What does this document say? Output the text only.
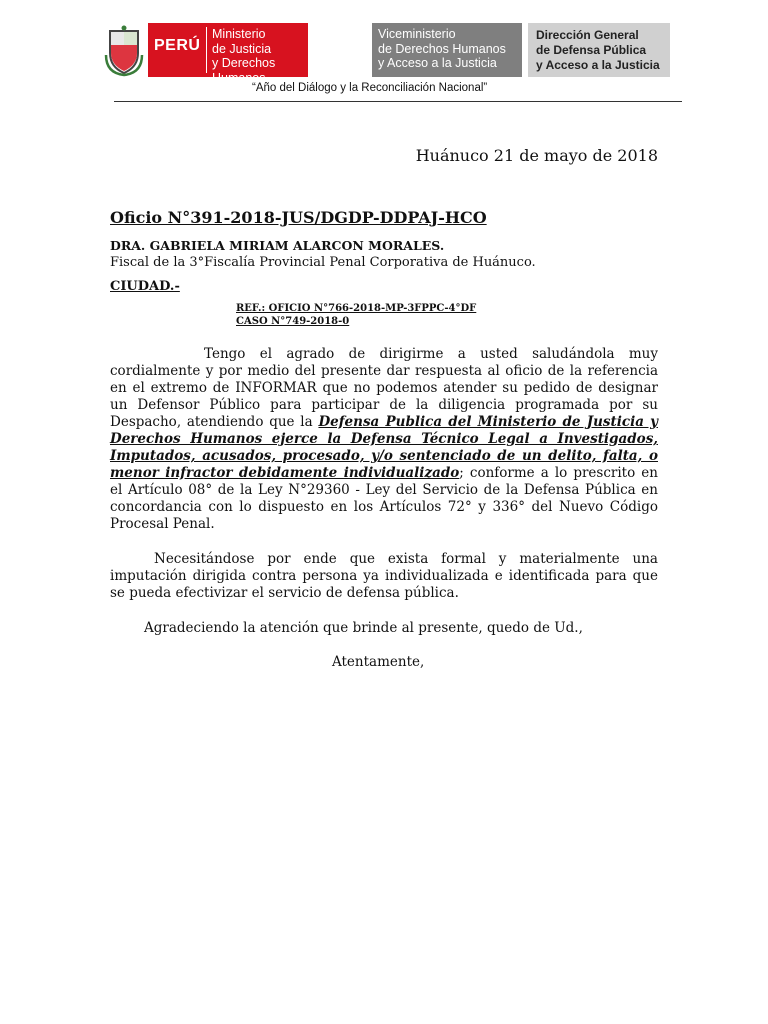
PERÚ
Ministerio
de Justicia
y Derechos Humanos
Viceministerio
de Derechos Humanos
y Acceso a la Justicia
Dirección General
de Defensa Pública
y Acceso a la Justicia
“Año del Diálogo y la Reconciliación Nacional”
Huánuco 21 de mayo de 2018
Oficio N°391-2018-JUS/DGDP-DDPAJ-HCO
DRA. GABRIELA MIRIAM ALARCON MORALES.
Fiscal de la 3°Fiscalía Provincial Penal Corporativa de Huánuco.
CIUDAD.-
REF.: OFICIO N°766-2018-MP-3FPPC-4°DF
CASO N°749-2018-0
Tengo el agrado de dirigirme a usted saludándola muy cordialmente y por medio del presente dar respuesta al oficio de la referencia en el extremo de INFORMAR que no podemos atender su pedido de designar un Defensor Público para participar de la diligencia programada por su Despacho, atendiendo que la Defensa Publica del Ministerio de Justicia y Derechos Humanos ejerce la Defensa Técnico Legal a Investigados, Imputados, acusados, procesado, y/o sentenciado de un delito, falta, o menor infractor debidamente individualizado; conforme a lo prescrito en el Artículo 08° de la Ley N°29360 - Ley del Servicio de la Defensa Pública en concordancia con lo dispuesto en los Artículos 72° y 336° del Nuevo Código Procesal Penal.
Necesitándose por ende que exista formal y materialmente una imputación dirigida contra persona ya individualizada e identificada para que se pueda efectivizar el servicio de defensa pública.
Agradeciendo la atención que brinde al presente, quedo de Ud.,
Atentamente,
